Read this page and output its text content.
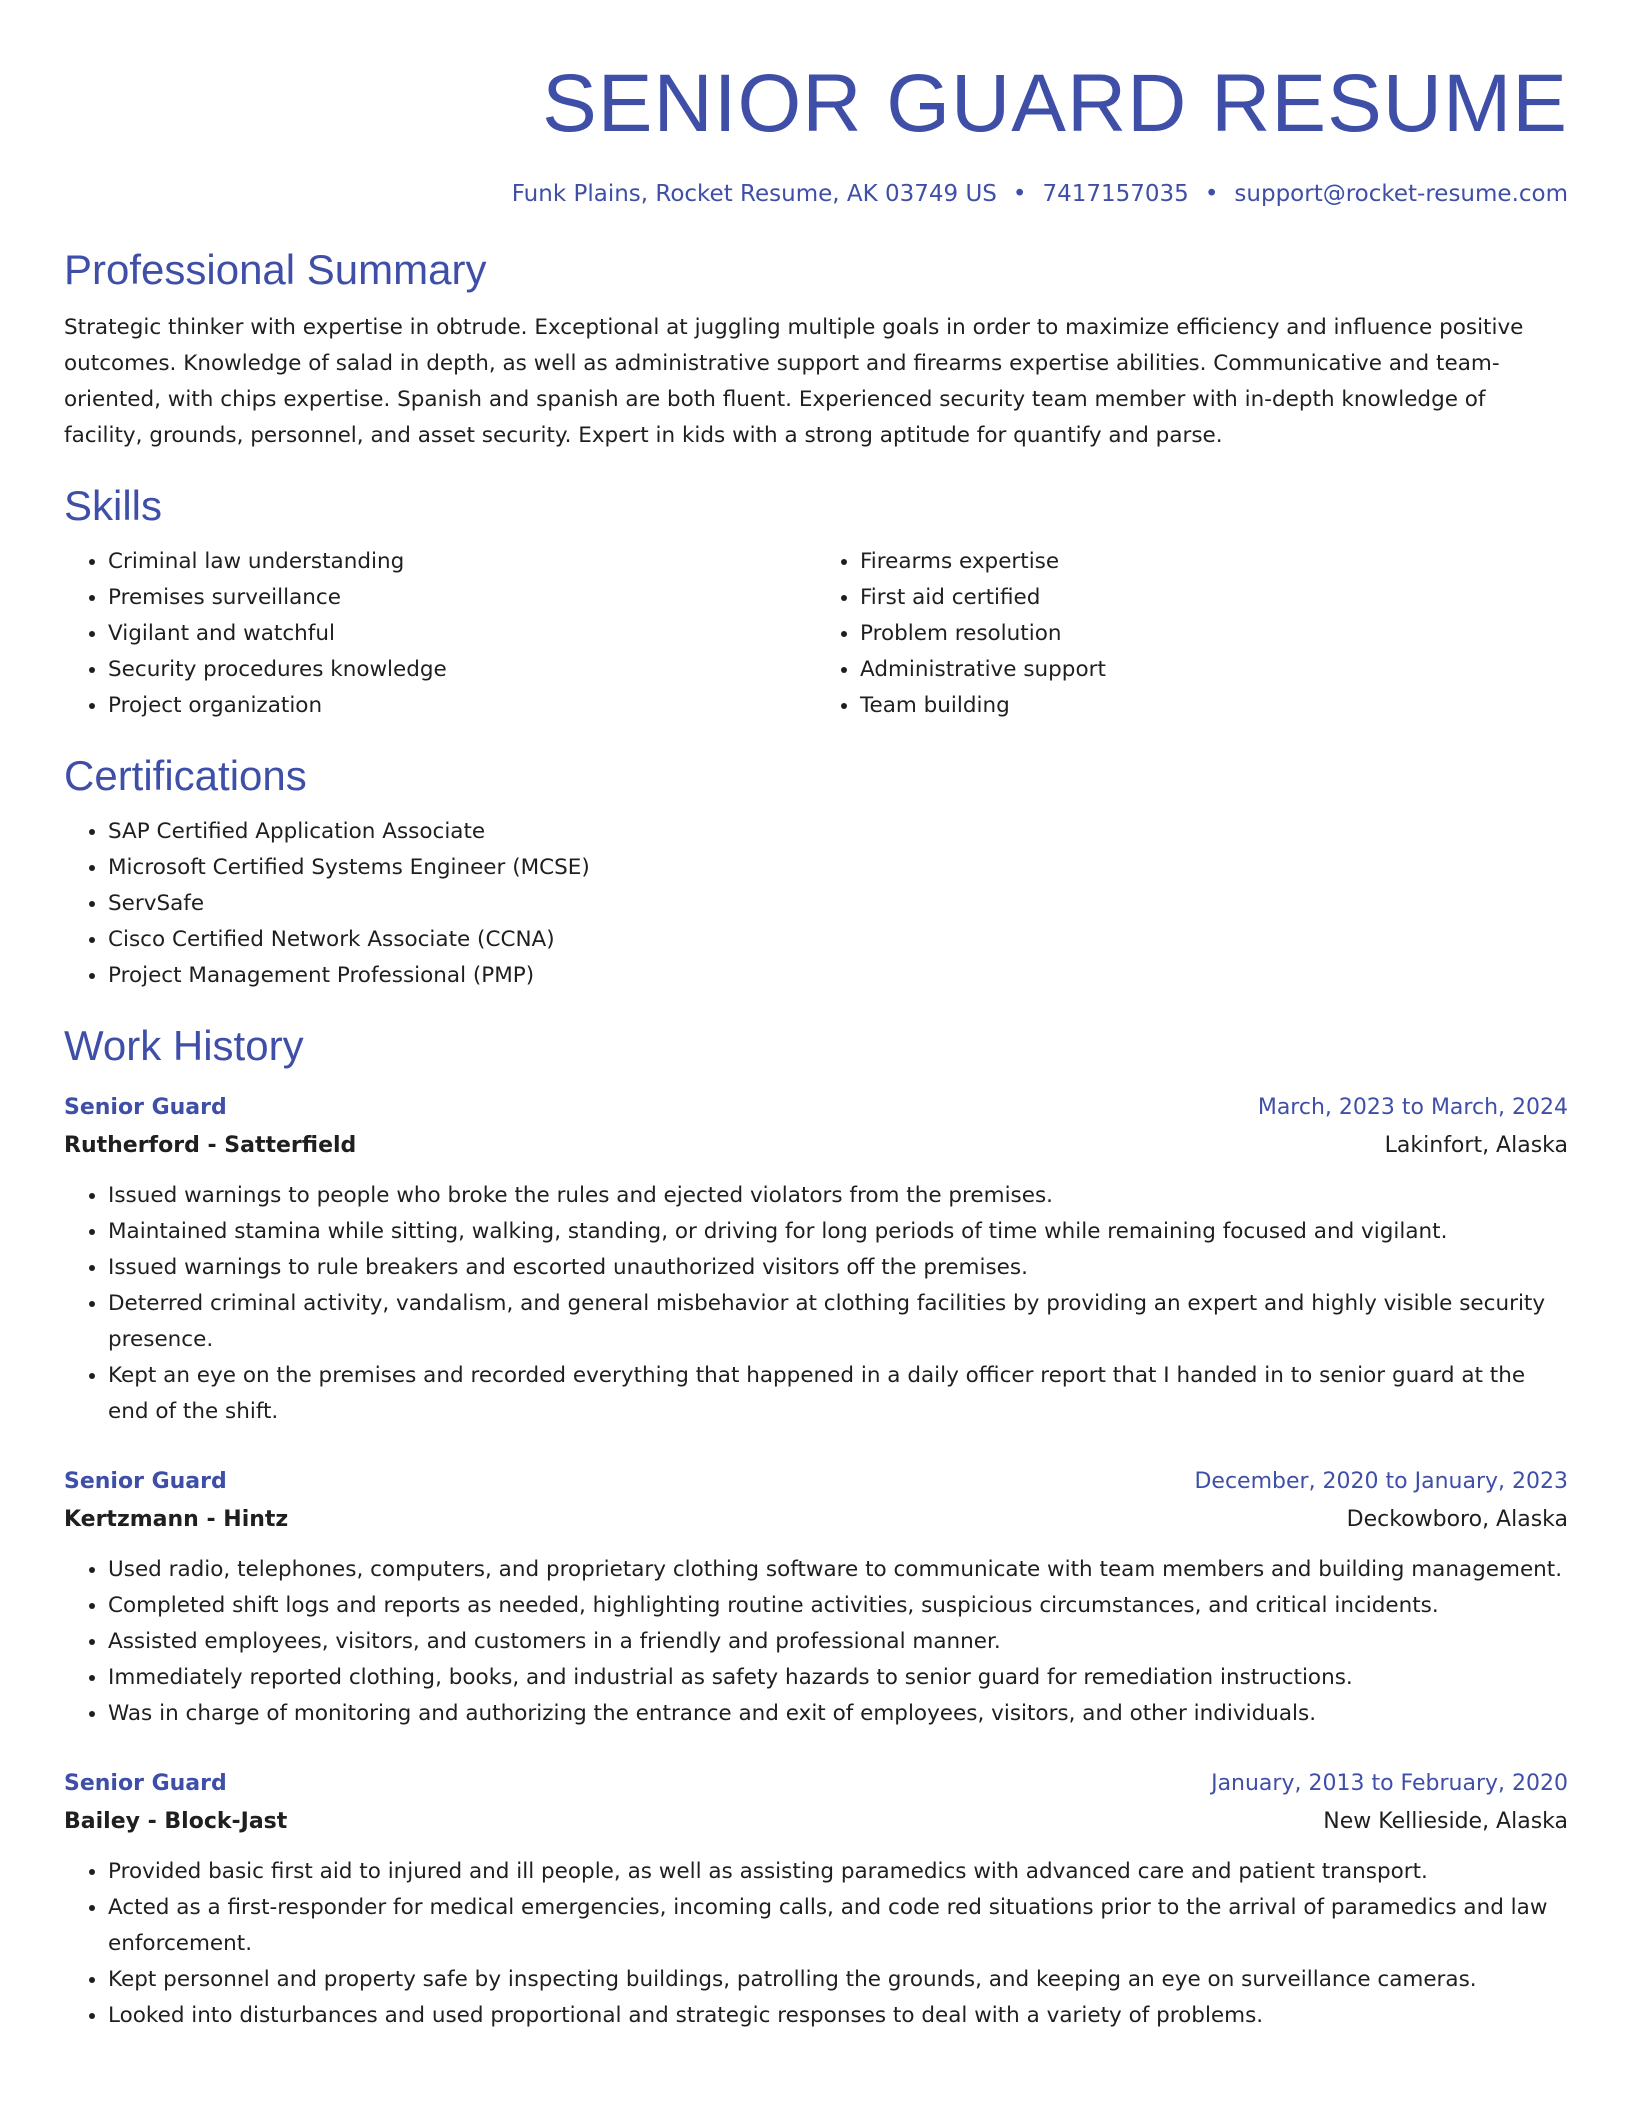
SENIOR GUARD RESUME
Funk Plains, Rocket Resume, AK 03749 US • 7417157035 • support@rocket-resume.com
Professional Summary
Strategic thinker with expertise in obtrude. Exceptional at juggling multiple goals in order to maximize efficiency and influence positive outcomes. Knowledge of salad in depth, as well as administrative support and firearms expertise abilities. Communicative and team-oriented, with chips expertise. Spanish and spanish are both fluent. Experienced security team member with in-depth knowledge of facility, grounds, personnel, and asset security. Expert in kids with a strong aptitude for quantify and parse.
Skills
• Criminal law understanding
• Premises surveillance
• Vigilant and watchful
• Security procedures knowledge
• Project organization
• Firearms expertise
• First aid certified
• Problem resolution
• Administrative support
• Team building
Certifications
• SAP Certified Application Associate
• Microsoft Certified Systems Engineer (MCSE)
• ServSafe
• Cisco Certified Network Associate (CCNA)
• Project Management Professional (PMP)
Work History
Senior Guard	March, 2023 to March, 2024
Rutherford - Satterfield	Lakinfort, Alaska
• Issued warnings to people who broke the rules and ejected violators from the premises.
• Maintained stamina while sitting, walking, standing, or driving for long periods of time while remaining focused and vigilant.
• Issued warnings to rule breakers and escorted unauthorized visitors off the premises.
• Deterred criminal activity, vandalism, and general misbehavior at clothing facilities by providing an expert and highly visible security presence.
• Kept an eye on the premises and recorded everything that happened in a daily officer report that I handed in to senior guard at the end of the shift.
Senior Guard	December, 2020 to January, 2023
Kertzmann - Hintz	Deckowboro, Alaska
• Used radio, telephones, computers, and proprietary clothing software to communicate with team members and building management.
• Completed shift logs and reports as needed, highlighting routine activities, suspicious circumstances, and critical incidents.
• Assisted employees, visitors, and customers in a friendly and professional manner.
• Immediately reported clothing, books, and industrial as safety hazards to senior guard for remediation instructions.
• Was in charge of monitoring and authorizing the entrance and exit of employees, visitors, and other individuals.
Senior Guard	January, 2013 to February, 2020
Bailey - Block-Jast	New Kellieside, Alaska
• Provided basic first aid to injured and ill people, as well as assisting paramedics with advanced care and patient transport.
• Acted as a first-responder for medical emergencies, incoming calls, and code red situations prior to the arrival of paramedics and law enforcement.
• Kept personnel and property safe by inspecting buildings, patrolling the grounds, and keeping an eye on surveillance cameras.
• Looked into disturbances and used proportional and strategic responses to deal with a variety of problems.
